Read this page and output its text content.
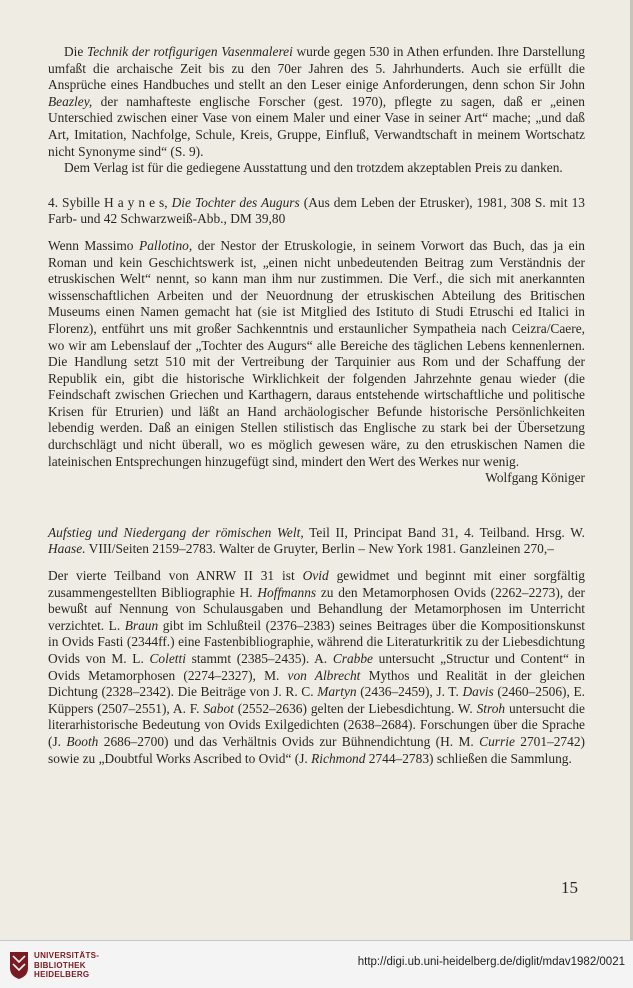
Die Technik der rotfigurigen Vasenmalerei wurde gegen 530 in Athen erfunden. Ihre Darstellung umfaßt die archaische Zeit bis zu den 70er Jahren des 5. Jahrhunderts. Auch sie erfüllt die Ansprüche eines Handbuches und stellt an den Leser einige Anforderungen, denn schon Sir John Beazley, der namhafteste englische Forscher (gest. 1970), pflegte zu sagen, daß er „einen Unterschied zwischen einer Vase von einem Maler und einer Vase in seiner Art“ mache; „und daß Art, Imitation, Nachfolge, Schule, Kreis, Gruppe, Einfluß, Verwandtschaft in meinem Wortschatz nicht Synonyme sind“ (S. 9).

Dem Verlag ist für die gediegene Ausstattung und den trotzdem akzeptablen Preis zu danken.

4. Sybille H a y n e s, Die Tochter des Augurs (Aus dem Leben der Etrusker), 1981, 308 S. mit 13 Farb- und 42 Schwarzweiß-Abb., DM 39,80

Wenn Massimo Pallotino, der Nestor der Etruskologie, in seinem Vorwort das Buch, das ja ein Roman und kein Geschichtswerk ist, „einen nicht unbedeutenden Beitrag zum Verständnis der etruskischen Welt“ nennt, so kann man ihm nur zustimmen. Die Verf., die sich mit anerkannten wissenschaftlichen Arbeiten und der Neuordnung der etruskischen Abteilung des Britischen Museums einen Namen gemacht hat (sie ist Mitglied des Istituto di Studi Etruschi ed Italici in Florenz), entführt uns mit großer Sachkenntnis und erstaunlicher Sympatheia nach Ceizra/Caere, wo wir am Lebenslauf der „Tochter des Augurs“ alle Bereiche des täglichen Lebens kennenlernen. Die Handlung setzt 510 mit der Vertreibung der Tarquinier aus Rom und der Schaffung der Republik ein, gibt die historische Wirklichkeit der folgenden Jahrzehnte genau wieder (die Feindschaft zwischen Griechen und Karthagern, daraus entstehende wirtschaftliche und politische Krisen für Etrurien) und läßt an Hand archäologischer Befunde historische Persönlichkeiten lebendig werden. Daß an einigen Stellen stilistisch das Englische zu stark bei der Übersetzung durchschlägt und nicht überall, wo es möglich gewesen wäre, zu den etruskischen Namen die lateinischen Entsprechungen hinzugefügt sind, mindert den Wert des Werkes nur wenig.

Wolfgang Königer

Aufstieg und Niedergang der römischen Welt, Teil II, Principat Band 31, 4. Teilband. Hrsg. W. Haase. VIII/Seiten 2159–2783. Walter de Gruyter, Berlin – New York 1981. Ganzleinen 270,–

Der vierte Teilband von ANRW II 31 ist Ovid gewidmet und beginnt mit einer sorgfältig zusammengestellten Bibliographie H. Hoffmanns zu den Metamorphosen Ovids (2262–2273), der bewußt auf Nennung von Schulausgaben und Behandlung der Metamorphosen im Unterricht verzichtet. L. Braun gibt im Schlußteil (2376–2383) seines Beitrages über die Kompositionskunst in Ovids Fasti (2344ff.) eine Fastenbibliographie, während die Literaturkritik zu der Liebesdichtung Ovids von M. L. Coletti stammt (2385–2435). A. Crabbe untersucht „Structur und Content“ in Ovids Metamorphosen (2274–2327), M. von Albrecht Mythos und Realität in der gleichen Dichtung (2328–2342). Die Beiträge von J. R. C. Martyn (2436–2459), J. T. Davis (2460–2506), E. Küppers (2507–2551), A. F. Sabot (2552–2636) gelten der Liebesdichtung. W. Stroh untersucht die literarhistorische Bedeutung von Ovids Exilgedichten (2638–2684). Forschungen über die Sprache (J. Booth 2686–2700) und das Verhältnis Ovids zur Bühnendichtung (H. M. Currie 2701–2742) sowie zu „Doubtful Works Ascribed to Ovid“ (J. Richmond 2744–2783) schließen die Sammlung.

15
UNIVERSITÄTS-
BIBLIOTHEK
HEIDELBERG
http://digi.ub.uni-heidelberg.de/diglit/mdav1982/0021
